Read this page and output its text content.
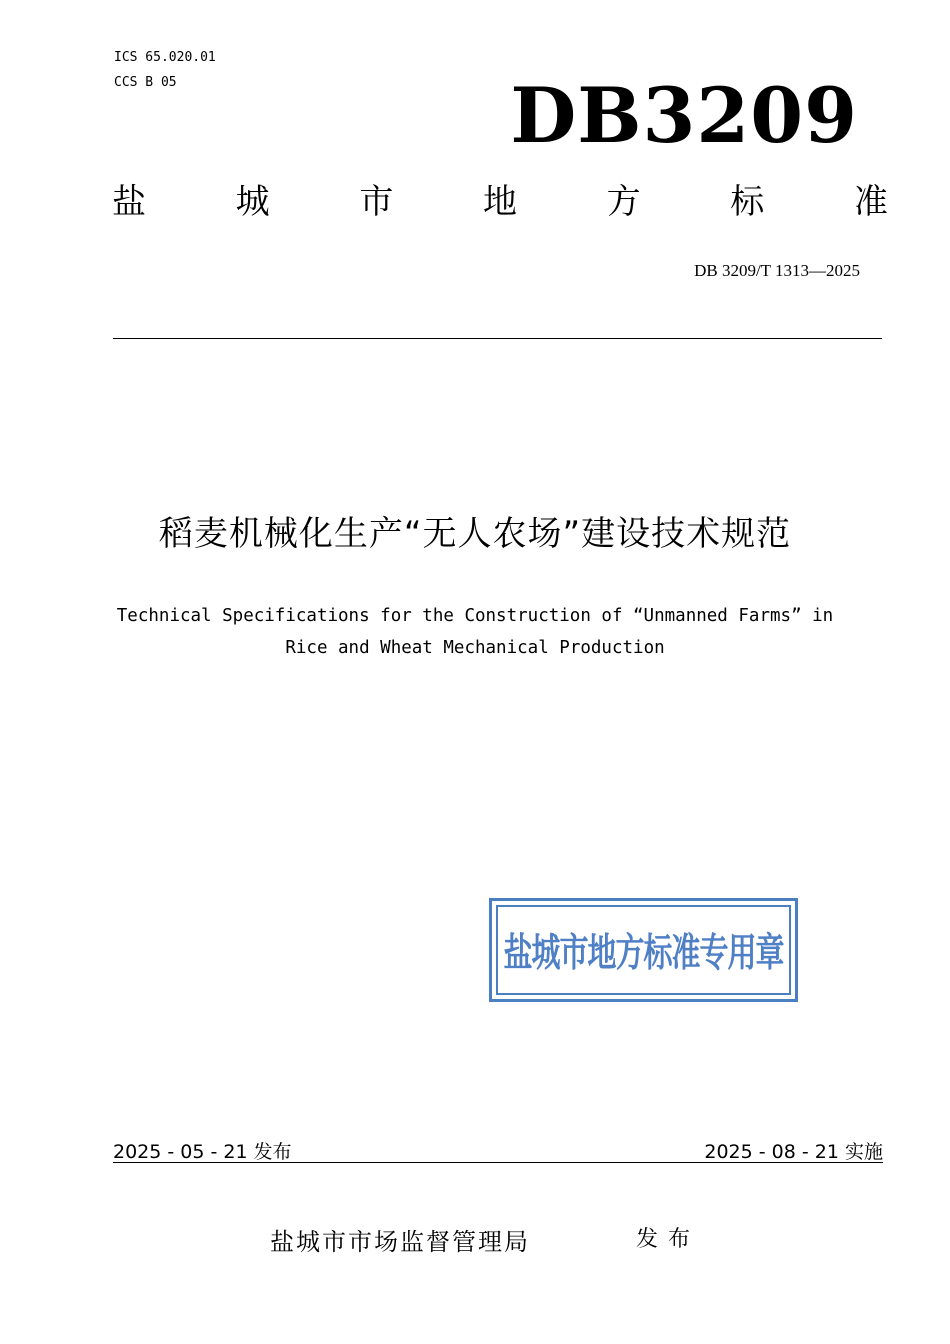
ICS 65.020.01
CCS B 05	DB3209
盐	城	市	地	方	标	准
DB 3209/T 1313—2025
稻麦机械化生产“无人农场”建设技术规范
Technical Specifications for the Construction of “Unmanned Farms” in
Rice and Wheat Mechanical Production
盐城市地方标准专用章
2025 - 05 - 21 发布	2025 - 08 - 21 实施
盐城市市场监督管理局	发布
